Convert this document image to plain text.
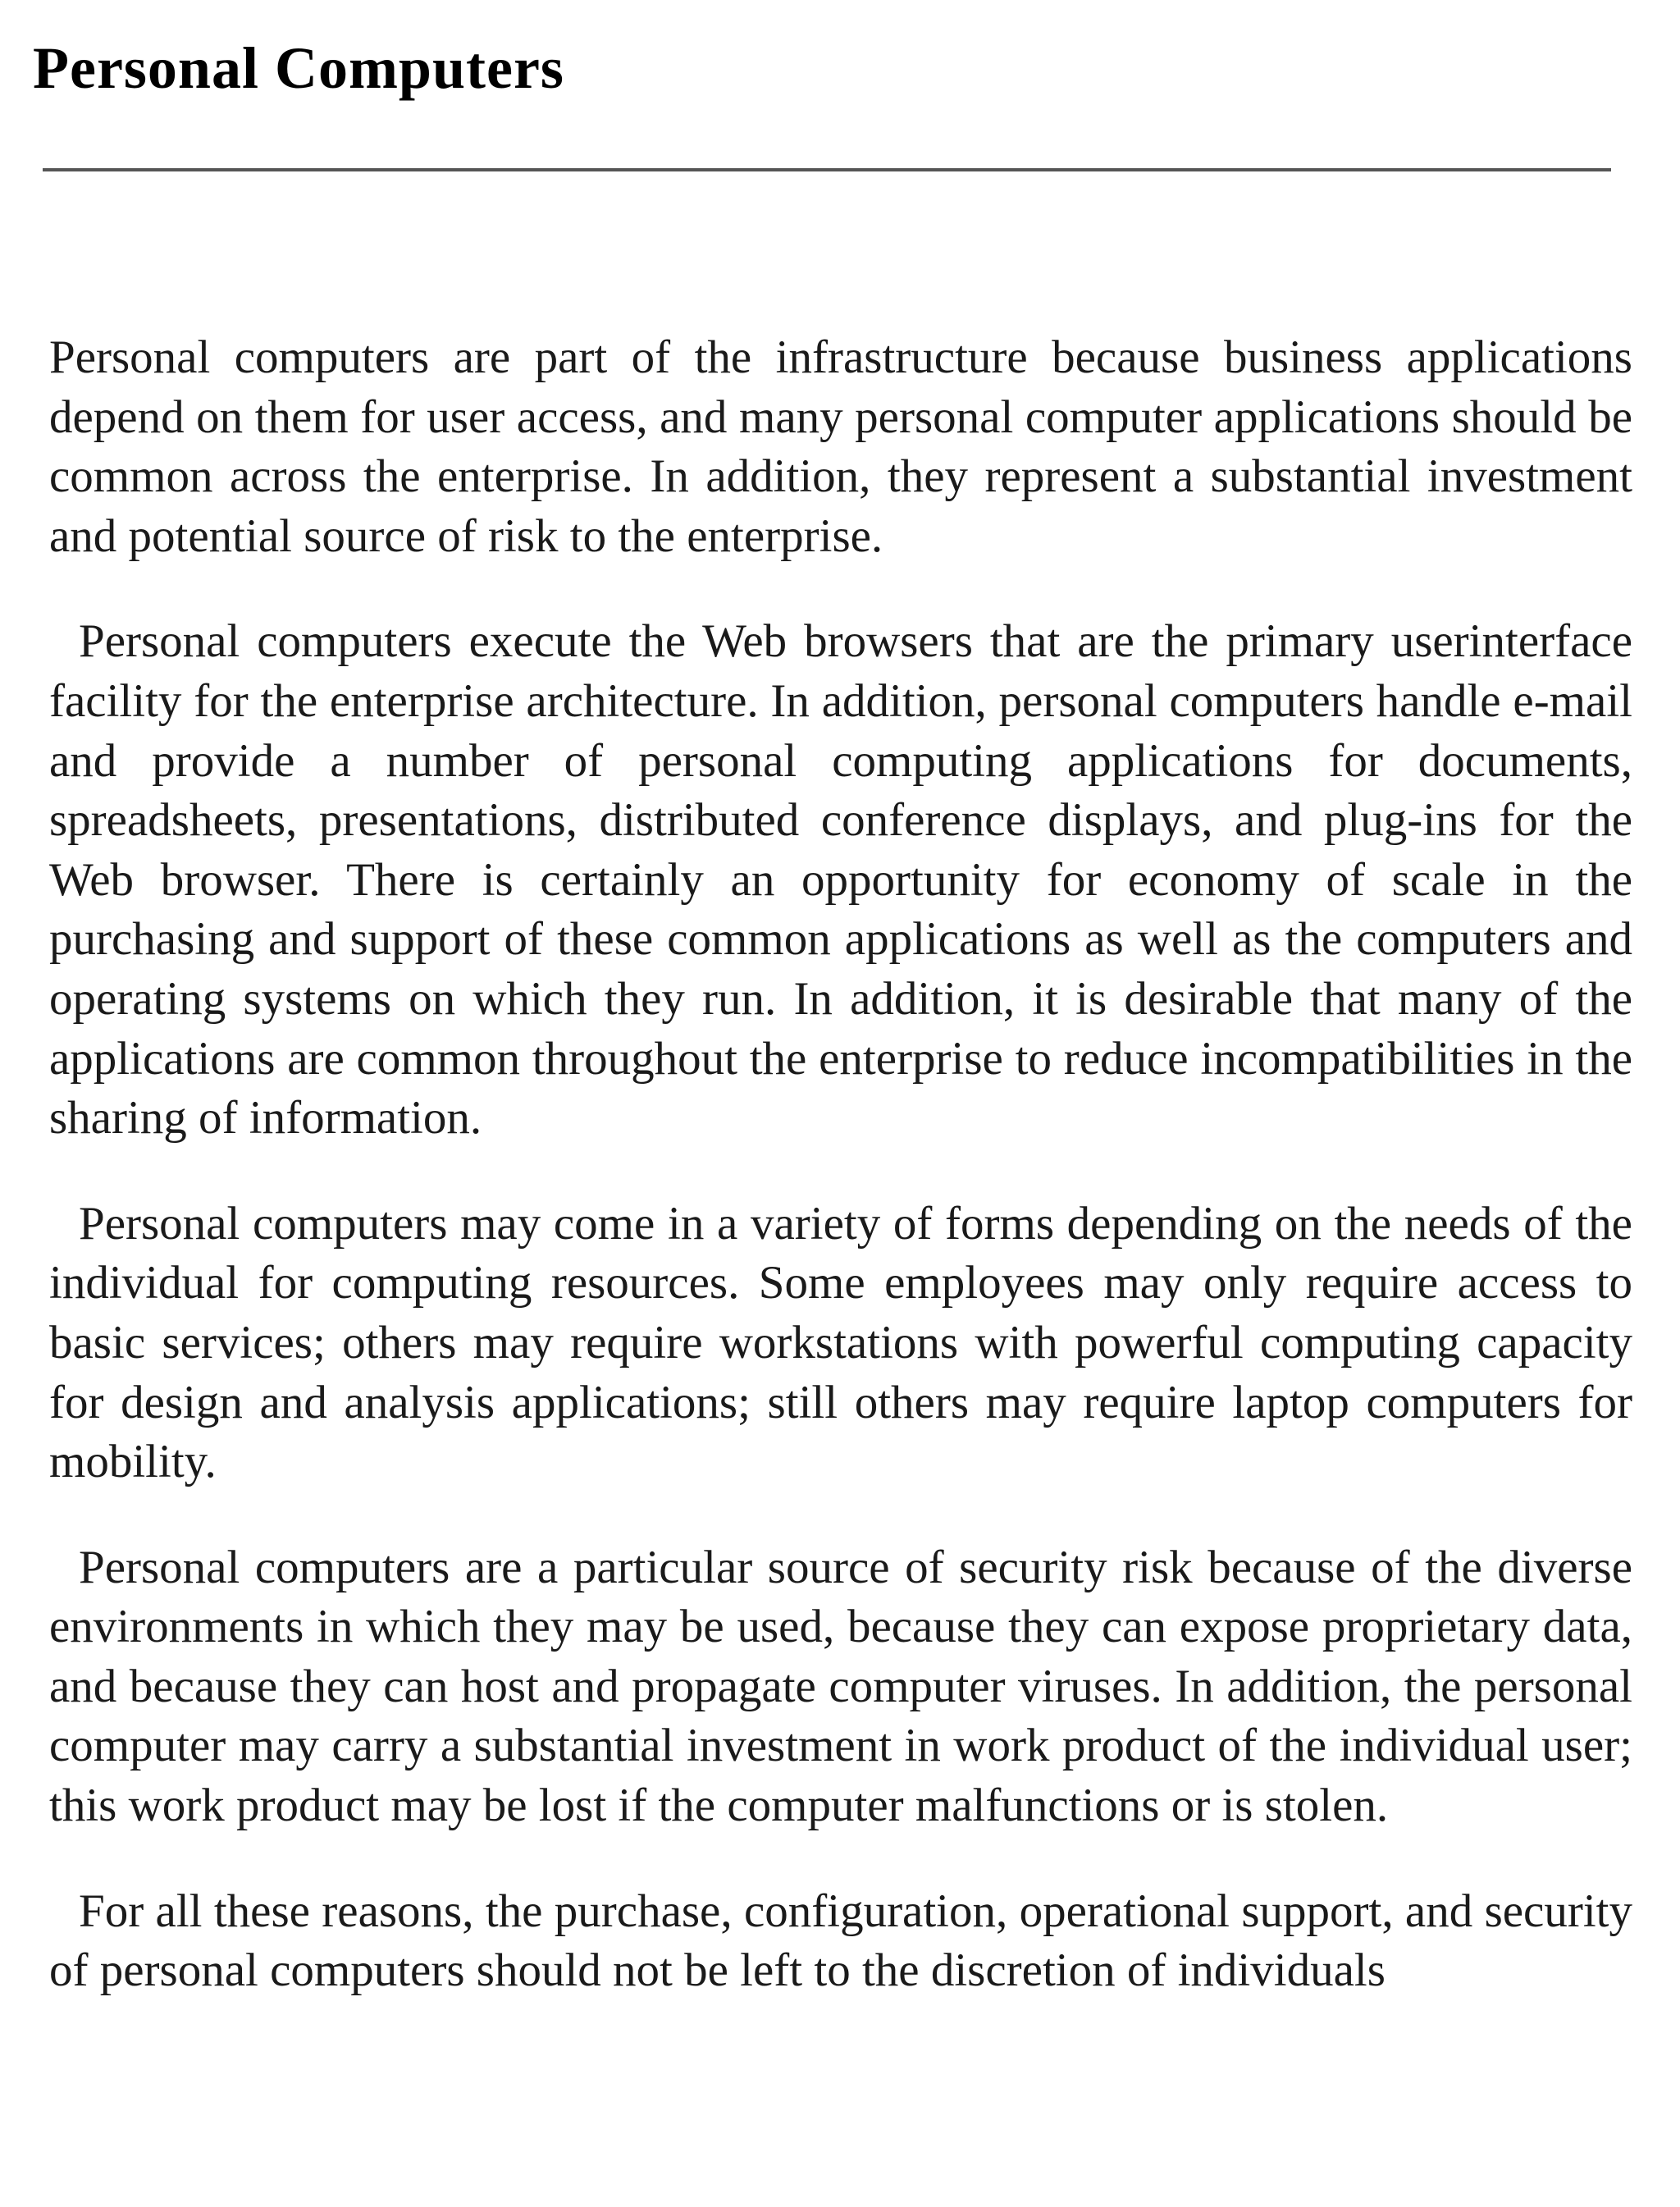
Personal Computers

Personal computers are part of the infrastructure because business applications depend on them for user access, and many personal computer applications should be common across the enterprise. In addition, they represent a substantial investment and potential source of risk to the enterprise.

Personal computers execute the Web browsers that are the primary userinterface facility for the enterprise architecture. In addition, personal computers handle e-mail and provide a number of personal computing applications for documents, spreadsheets, presentations, distributed conference displays, and plug-ins for the Web browser. There is certainly an opportunity for economy of scale in the purchasing and support of these common applications as well as the computers and operating systems on which they run. In addition, it is desirable that many of the applications are common throughout the enterprise to reduce incompatibilities in the sharing of information.

Personal computers may come in a variety of forms depending on the needs of the individual for computing resources. Some employees may only require access to basic services; others may require workstations with powerful computing capacity for design and analysis applications; still others may require laptop computers for mobility.

Personal computers are a particular source of security risk because of the diverse environments in which they may be used, because they can expose proprietary data, and because they can host and propagate computer viruses. In addition, the personal computer may carry a substantial investment in work product of the individual user; this work product may be lost if the computer malfunctions or is stolen.

For all these reasons, the purchase, configuration, operational support, and security of personal computers should not be left to the discretion of individuals
